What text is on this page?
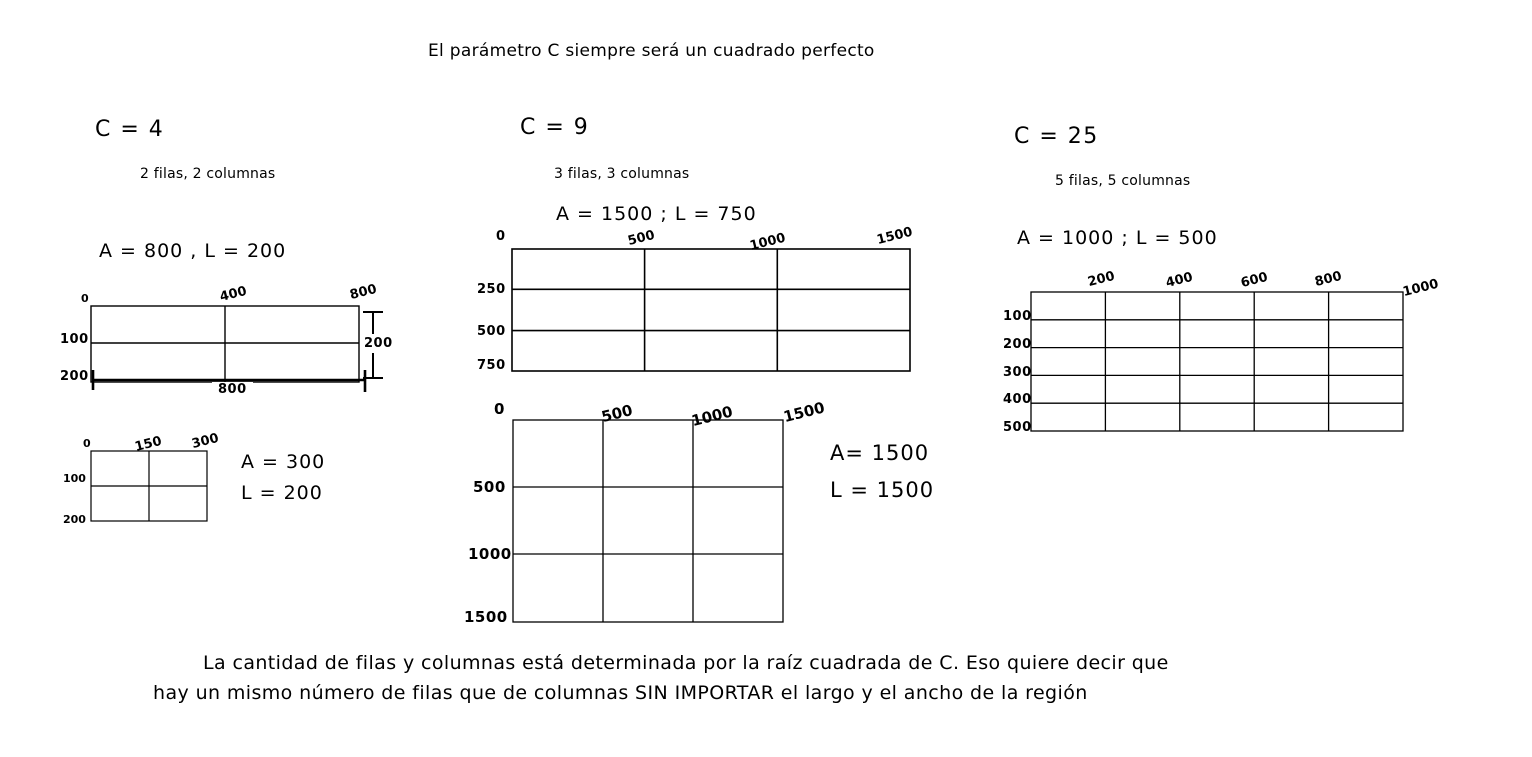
El parámetro C siempre será un cuadrado perfecto
C = 4
2 filas, 2 columnas
A = 800 , L = 200
0	400	800
100
200
800
200
0	150 300
100
200
A = 300
L = 200
C = 9
3 filas, 3 columnas
A = 1500 ; L = 750
0	500	1000	1500
250
500
750
0	500	1000	1500
500
1000
1500
A= 1500
L = 1500
C = 25
5 filas, 5 columnas
A = 1000 ; L = 500
200	400	600	800	1000
100
200
300
400
500
La cantidad de filas y columnas está determinada por la raíz cuadrada de C. Eso quiere decir que
hay un mismo número de filas que de columnas SIN IMPORTAR el largo y el ancho de la región
